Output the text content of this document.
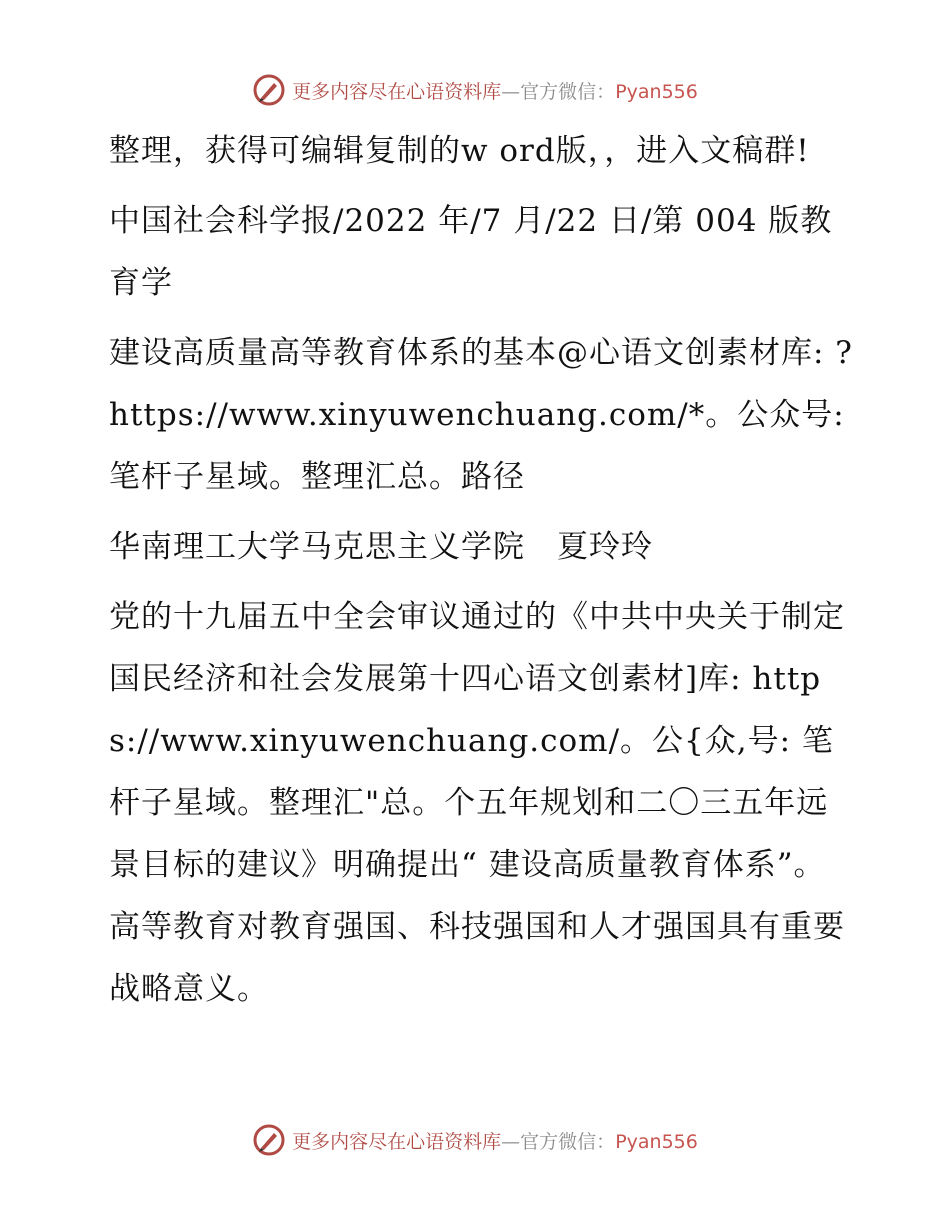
更多内容尽在心语资料库—官方微信：Pyan556

整理，获得可编辑复制的w ord版，，进入文稿群!

中国社会科学报/2022 年/7 月/22 日/第 004 版教育学

建设高质量高等教育体系的基本@心语文创素材库: ?https://www.xinyuwenchuang.com/*。公众号: 笔杆子星域。整理汇总。路径

华南理工大学马克思主义学院　夏玲玲

党的十九届五中全会审议通过的《中共中央关于制定国民经济和社会发展第十四心语文创素材]库: https://www.xinyuwenchuang.com/。公{众,号: 笔杆子星域。整理汇"总。个五年规划和二〇三五年远景目标的建议》明确提出“ 建设高质量教育体系”。高等教育对教育强国、科技强国和人才强国具有重要战略意义。

更多内容尽在心语资料库—官方微信：Pyan556
